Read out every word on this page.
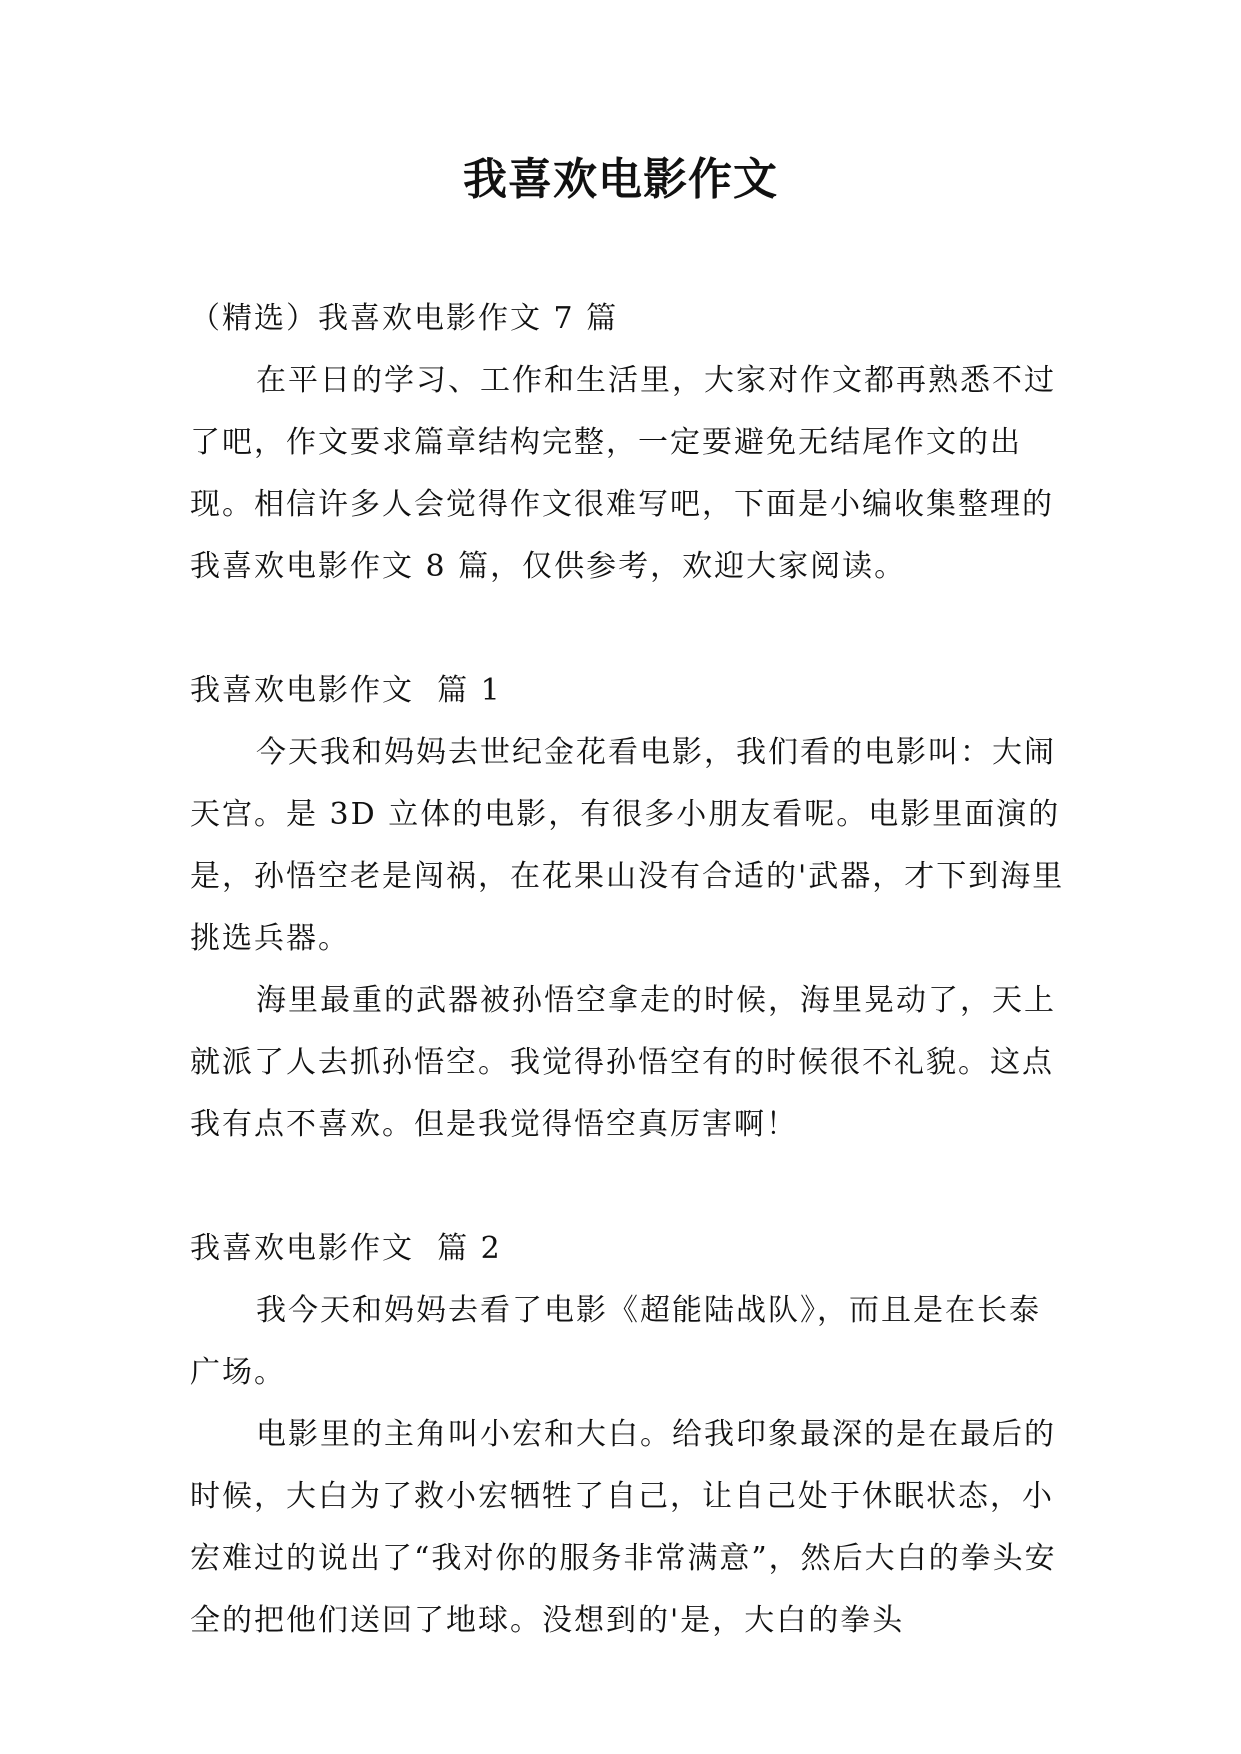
我喜欢电影作文

（精选）我喜欢电影作文 7 篇

在平日的学习、工作和生活里，大家对作文都再熟悉不过了吧，作文要求篇章结构完整，一定要避免无结尾作文的出现。相信许多人会觉得作文很难写吧，下面是小编收集整理的我喜欢电影作文 8 篇，仅供参考，欢迎大家阅读。

我喜欢电影作文  篇 1

今天我和妈妈去世纪金花看电影，我们看的电影叫：大闹天宫。是 3D 立体的电影，有很多小朋友看呢。电影里面演的是，孙悟空老是闯祸，在花果山没有合适的'武器，才下到海里挑选兵器。

海里最重的武器被孙悟空拿走的时候，海里晃动了，天上就派了人去抓孙悟空。我觉得孙悟空有的时候很不礼貌。这点我有点不喜欢。但是我觉得悟空真厉害啊！

我喜欢电影作文  篇 2

我今天和妈妈去看了电影《超能陆战队》，而且是在长泰广场。

电影里的主角叫小宏和大白。给我印象最深的是在最后的时候，大白为了救小宏牺牲了自己，让自己处于休眠状态，小宏难过的说出了“我对你的服务非常满意”，然后大白的拳头安全的把他们送回了地球。没想到的'是，大白的拳头
